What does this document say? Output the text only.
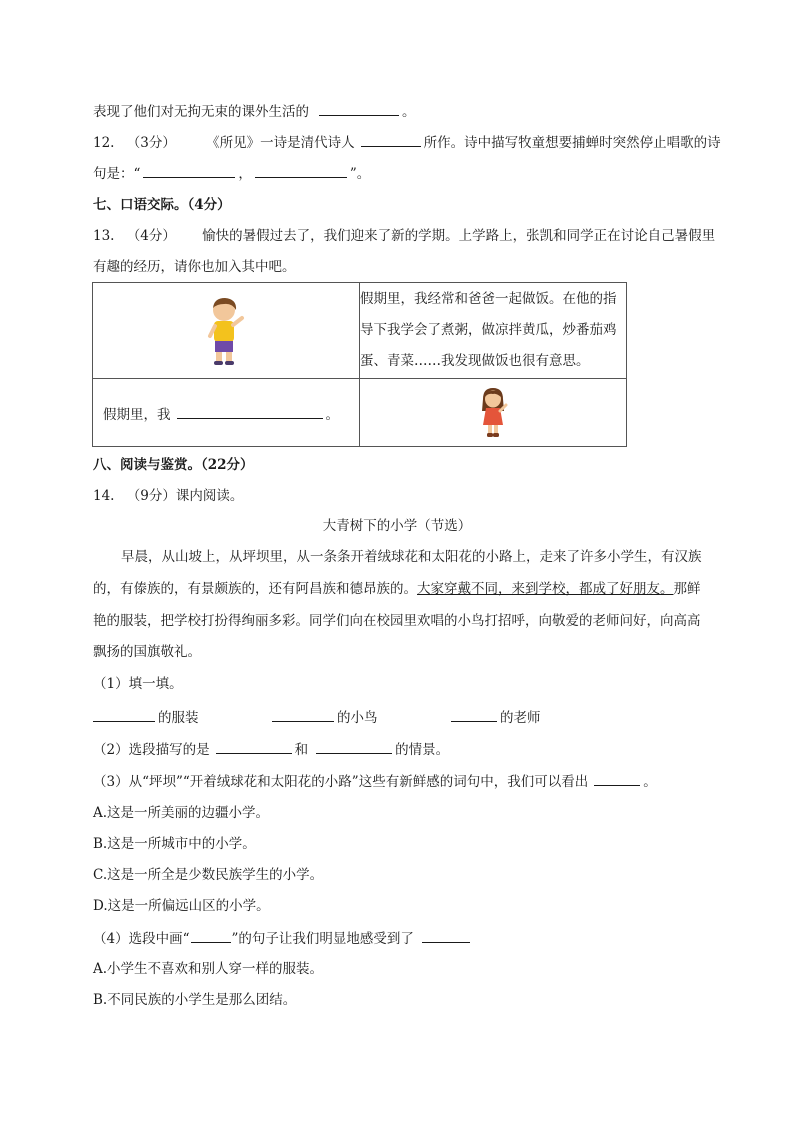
表现了他们对无拘无束的课外生活的	。
12. （3分） 《所见》一诗是清代诗人	所作。诗中描写牧童想要捕蝉时突然停止唱歌的诗
句是：“	，	”。
七、口语交际。（4分）
13. （4分） 愉快的暑假过去了，我们迎来了新的学期。上学路上，张凯和同学正在讨论自己暑假里
有趣的经历，请你也加入其中吧。
	假期里，我经常和爸爸一起做饭。在他的指导下我学会了煮粥，做凉拌黄瓜，炒番茄鸡蛋、青菜……我发现做饭也很有意思。
假期里，我 。	
八、阅读与鉴赏。（22分）
14. （9分）课内阅读。
大青树下的小学（节选）
早晨，从山坡上，从坪坝里，从一条条开着绒球花和太阳花的小路上，走来了许多小学生，有汉族
的，有傣族的，有景颇族的，还有阿昌族和德昂族的。大家穿戴不同，来到学校，都成了好朋友。那鲜
艳的服装，把学校打扮得绚丽多彩。同学们向在校园里欢唱的小鸟打招呼，向敬爱的老师问好，向高高
飘扬的国旗敬礼。
（1）填一填。
的服装	的小鸟	的老师
（2）选段描写的是	和	的情景。
（3）从“坪坝”“开着绒球花和太阳花的小路”这些有新鲜感的词句中，我们可以看出	。
A.这是一所美丽的边疆小学。
B.这是一所城市中的小学。
C.这是一所全是少数民族学生的小学。
D.这是一所偏远山区的小学。
（4）选段中画“	”的句子让我们明显地感受到了
A.小学生不喜欢和别人穿一样的服装。
B.不同民族的小学生是那么团结。
